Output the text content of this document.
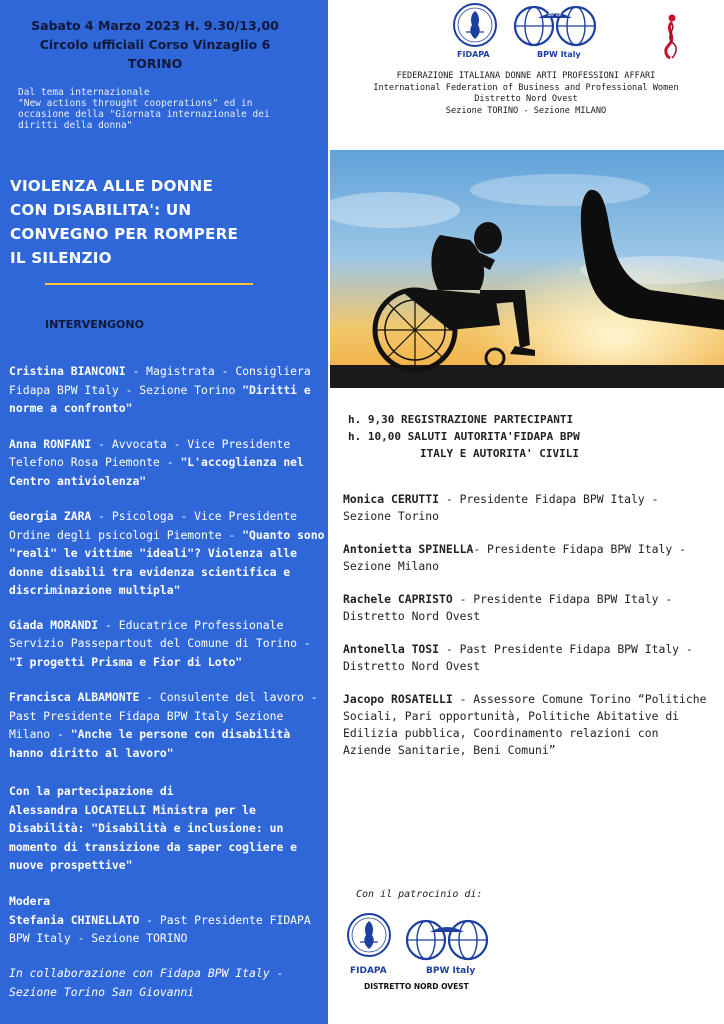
Sabato 4 Marzo 2023 H. 9.30/13,00
Circolo ufficiali Corso Vinzaglio 6
TORINO
Dal tema internazionale
"New actions throught cooperations" ed in
occasione della "Giornata internazionale dei
diritti della donna"
VIOLENZA ALLE DONNE
CON DISABILITA': UN
CONVEGNO PER ROMPERE
IL SILENZIO
INTERVENGONO
Cristina BIANCONI - Magistrata - Consigliera Fidapa BPW Italy - Sezione Torino "Diritti e norme a confronto"
Anna RONFANI - Avvocata - Vice Presidente Telefono Rosa Piemonte - "L'accoglienza nel Centro antiviolenza"
Georgia ZARA - Psicologa - Vice Presidente Ordine degli psicologi Piemonte - "Quanto sono "reali" le vittime "ideali"? Violenza alle donne disabili tra evidenza scientifica e discriminazione multipla"
Giada MORANDI - Educatrice Professionale Servizio Passepartout del Comune di Torino - "I progetti Prisma e Fior di Loto"
Francisca ALBAMONTE - Consulente del lavoro - Past Presidente Fidapa BPW Italy Sezione Milano - "Anche le persone con disabilità hanno diritto al lavoro"
Con la partecipazione di
Alessandra LOCATELLI Ministra per le Disabilità: "Disabilità e inclusione: un momento di transizione da saper cogliere e nuove prospettive"
Modera
Stefania CHINELLATO - Past Presidente FIDAPA BPW Italy - Sezione TORINO
In collaborazione con Fidapa BPW Italy - Sezione Torino San Giovanni
BPW
FIDAPA	BPW Italy
FEDERAZIONE ITALIANA DONNE ARTI PROFESSIONI AFFARI
International Federation of Business and Professional Women
Distretto Nord Ovest
Sezione TORINO - Sezione MILANO
h. 9,30 REGISTRAZIONE PARTECIPANTI
h. 10,00 SALUTI AUTORITA'FIDAPA BPW
ITALY E AUTORITA' CIVILI
Monica CERUTTI - Presidente Fidapa BPW Italy - Sezione Torino
Antonietta SPINELLA- Presidente Fidapa BPW Italy - Sezione Milano
Rachele CAPRISTO - Presidente Fidapa BPW Italy - Distretto Nord Ovest
Antonella TOSI - Past Presidente Fidapa BPW Italy - Distretto Nord Ovest
Jacopo ROSATELLI - Assessore Comune Torino “Politiche Sociali, Pari opportunità, Politiche Abitative di Edilizia pubblica, Coordinamento relazioni con Aziende Sanitarie, Beni Comuni”
Con il patrocinio di:
FIDAPA	BPW Italy
DISTRETTO NORD OVEST
